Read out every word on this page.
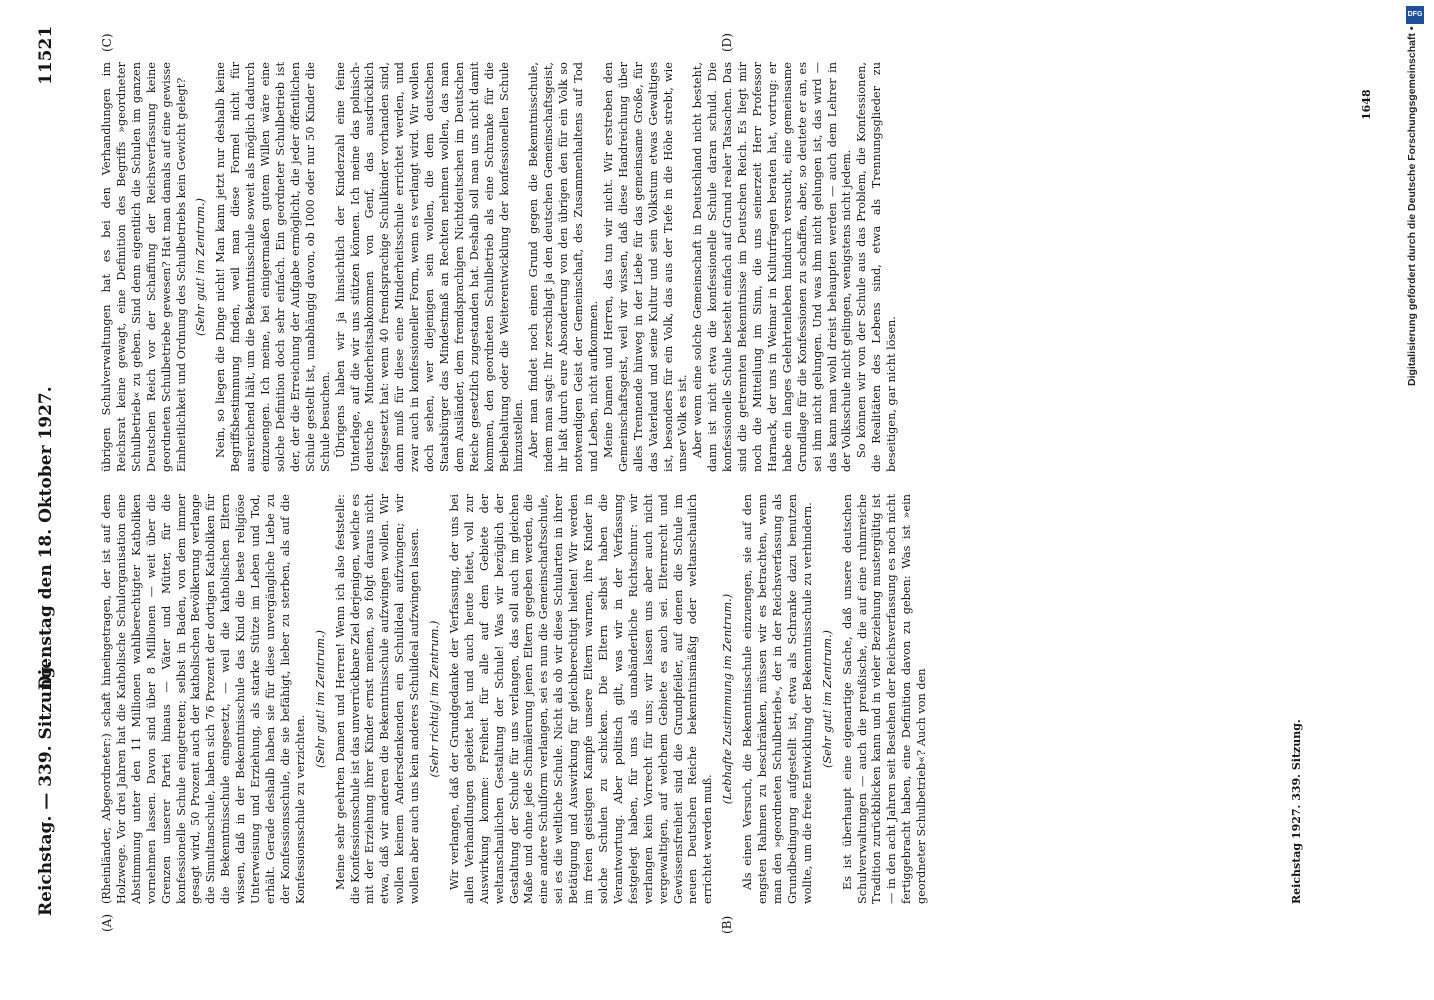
Reichstag. — 339. Sitzung.
Dienstag den 18. Oktober 1927.
11521
(A)	(B)
(C)	(D)

(Rheinländer, Abgeordneter:) schaft hineingetragen, der ist auf dem Holzwege. Vor drei Jahren hat die Katholische Schulorganisation eine Abstimmung unter den 11 Millionen wahlberechtigter Katholiken vornehmen lassen. Davon sind über 8 Millionen — weit über die Grenzen unserer Partei hinaus — Väter und Mütter, für die konfessionelle Schule eingetreten; selbst in Baden, von dem immer gesagt wird, 50 Prozent auch der katholischen Bevölkerung verlange die Simultanschule, haben sich 76 Prozent der dortigen Katholiken für die Bekenntnisschule eingesetzt, — weil die katholischen Eltern wissen, daß in der Bekenntnisschule das Kind die beste religiöse Unterweisung und Erziehung, als starke Stütze im Leben und Tod, erhält. Gerade deshalb haben sie für diese unvergängliche Liebe zu der Konfessionsschule, die sie befähigt, lieber zu sterben, als auf die Konfessionsschule zu verzichten.

(Sehr gut! im Zentrum.) Meine sehr geehrten Damen und Herren! Wenn ich also feststelle: die Konfessionsschule ist das unverrückbare Ziel derjenigen, welche es mit der Erziehung ihrer Kinder ernst meinen, so folgt daraus nicht etwa, daß wir anderen die Bekenntnisschule aufzwingen wollen. Wir wollen keinem Andersdenkenden ein Schulideal aufzwingen; wir wollen aber auch uns kein anderes Schulideal aufzwingen lassen. (Sehr richtig! im Zentrum.) Wir verlangen, daß der Grundgedanke der Verfassung, der uns bei allen Verhandlungen geleitet hat und auch heute leitet, voll zur Auswirkung komme: Freiheit für alle auf dem Gebiete der weltanschaulichen Gestaltung der Schule! Was wir bezüglich der Gestaltung der Schule für uns verlangen, das soll auch im gleichen Maße und ohne jede Schmälerung jenen Eltern gegeben werden, die eine andere Schulform verlangen, sei es nun die Gemeinschaftsschule, sei es die weltliche Schule. Nicht als ob wir diese Schularten in ihrer Betätigung und Auswirkung für gleichberechtigt hielten! Wir werden im freien geistigen Kampfe unsere Eltern warnen, ihre Kinder in solche Schulen zu schicken. Die Eltern selbst haben die Verantwortung. Aber politisch gilt, was wir in der Verfassung festgelegt haben, für uns als unabänderliche Richtschnur: wir verlangen kein Vorrecht für uns; wir lassen uns aber auch nicht vergewaltigen, auf welchem Gebiete es auch sei. Elternrecht und Gewissensfreiheit sind die Grundpfeiler, auf denen die Schule im neuen Deutschen Reiche bekenntnismäßig oder weltanschaulich errichtet werden muß.

(Lebhafte Zustimmung im Zentrum.) Als einen Versuch, die Bekenntnisschule einzuengen, sie auf den engsten Rahmen zu beschränken, müssen wir es betrachten, wenn man den »geordneten Schulbetrieb«, der in der Reichsverfassung als Grundbedingung aufgestellt ist, etwa als Schranke dazu benutzen wollte, um die freie Entwicklung der Bekenntnisschule zu verhindern. (Sehr gut! im Zentrum.) Es ist überhaupt eine eigenartige Sache, daß unsere deutschen Schulverwaltungen — auch die preußische, die auf eine ruhmreiche Tradition zurückblicken kann und in vieler Beziehung mustergültig ist — in den acht Jahren seit Bestehen der Reichsverfassung es noch nicht fertiggebracht haben, eine Definition davon zu geben: Was ist »ein geordneter Schulbetrieb«? Auch von den

übrigen Schulverwaltungen hat es bei den Verhandlungen im Reichsrat keine gewagt, eine Definition des Begriffs »geordneter Schulbetrieb« zu geben. Sind denn eigentlich die Schulen im ganzen Deutschen Reich vor der Schaffung der Reichsverfassung keine geordneten Schulbetriebe gewesen? Hat man damals auf eine gewisse Einheitlichkeit und Ordnung des Schulbetriebs kein Gewicht gelegt? (Sehr gut! im Zentrum.) Nein, so liegen die Dinge nicht! Man kann jetzt nur deshalb keine Begriffsbestimmung finden, weil man diese Formel nicht für ausreichend hält, um die Bekenntnisschule soweit als möglich dadurch einzuengen. Ich meine, bei einigermaßen gutem Willen wäre eine solche Definition doch sehr einfach. Ein geordneter Schulbetrieb ist der, der die Erreichung der Aufgabe ermöglicht, die jeder öffentlichen Schule gestellt ist, unabhängig davon, ob 1000 oder nur 50 Kinder die Schule besuchen. Übrigens haben wir ja hinsichtlich der Kinderzahl eine feine Unterlage, auf die wir uns stützen können. Ich meine das polnisch-deutsche Minderheitsabkommen von Genf, das ausdrücklich festgesetzt hat: wenn 40 fremdsprachige Schulkinder vorhanden sind, dann muß für diese eine Minderheitsschule errichtet werden, und zwar auch in konfessioneller Form, wenn es verlangt wird. Wir wollen doch sehen, wer diejenigen sein wollen, die dem deutschen Staatsbürger das Mindestmaß an Rechten nehmen wollen, das man dem Ausländer, dem fremdsprachigen Nichtdeutschen im Deutschen Reiche gesetzlich zugestanden hat. Deshalb soll man uns nicht damit kommen, den geordneten Schulbetrieb als eine Schranke für die Beibehaltung oder die Weiterentwicklung der konfessionellen Schule hinzustellen. Aber man findet noch einen Grund gegen die Bekenntnisschule, indem man sagt: Ihr zerschlagt ja den deutschen Gemeinschaftsgeist, ihr laßt durch eure Absonderung von den übrigen den für ein Volk so notwendigen Geist der Gemeinschaft, des Zusammenhaltens auf Tod und Leben, nicht aufkommen. Meine Damen und Herren, das tun wir nicht. Wir erstreben den Gemeinschaftsgeist, weil wir wissen, daß diese Handreichung über alles Trennende hinweg in der Liebe für das gemeinsame Große, für das Vaterland und seine Kultur und sein Volkstum etwas Gewaltiges ist, besonders für ein Volk, das aus der Tiefe in die Höhe strebt, wie unser Volk es ist. Aber wenn eine solche Gemeinschaft in Deutschland nicht besteht, dann ist nicht etwa die konfessionelle Schule daran schuld. Die konfessionelle Schule besteht einfach auf Grund realer Tatsachen. Das sind die getrennten Bekenntnisse im Deutschen Reich. Es liegt mir noch die Mitteilung im Sinn, die uns seinerzeit Herr Professor Harnack, der uns in Weimar in Kulturfragen beraten hat, vortrug: er habe ein langes Gelehrtenleben hindurch versucht, eine gemeinsame Grundlage für die Konfessionen zu schaffen, aber, so deutete er an, es sei ihm nicht gelungen. Und was ihm nicht gelungen ist, das wird — das kann man wohl dreist behaupten werden — auch dem Lehrer in der Volksschule nicht gelingen, wenigstens nicht jedem. So können wir von der Schule aus das Problem, die Konfessionen, die Realitäten des Lebens sind, etwa als Trennungsglieder zu beseitigen, gar nicht lösen.

Reichstag 1927. 339. Sitzung.
1648
DFG
Digitalisierung gefördert durch die Deutsche Forschungsgemeinschaft •
